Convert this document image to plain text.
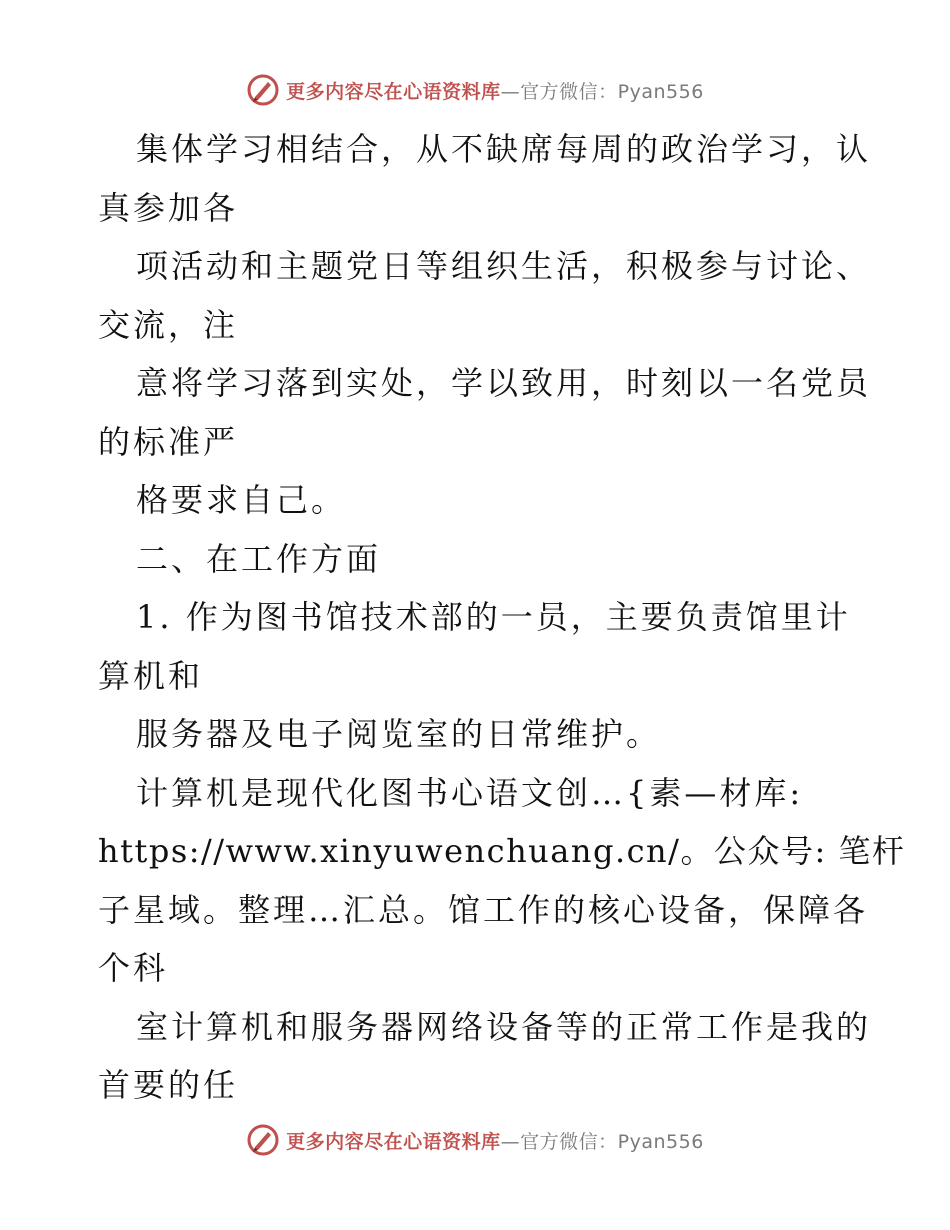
更多内容尽在心语资料库—官方微信：Pyan556
集体学习相结合，从不缺席每周的政治学习，认
真参加各
项活动和主题党日等组织生活，积极参与讨论、
交流，注
意将学习落到实处，学以致用，时刻以一名党员
的标准严
格要求自己。
二、在工作方面
1. 作为图书馆技术部的一员，主要负责馆里计
算机和
服务器及电子阅览室的日常维护。
计算机是现代化图书心语文创…{素—材库:
https://www.xinyuwenchuang.cn/。公众号: 笔杆
子星域。整理…汇总。馆工作的核心设备，保障各
个科
室计算机和服务器网络设备等的正常工作是我的
首要的任
更多内容尽在心语资料库—官方微信：Pyan556
